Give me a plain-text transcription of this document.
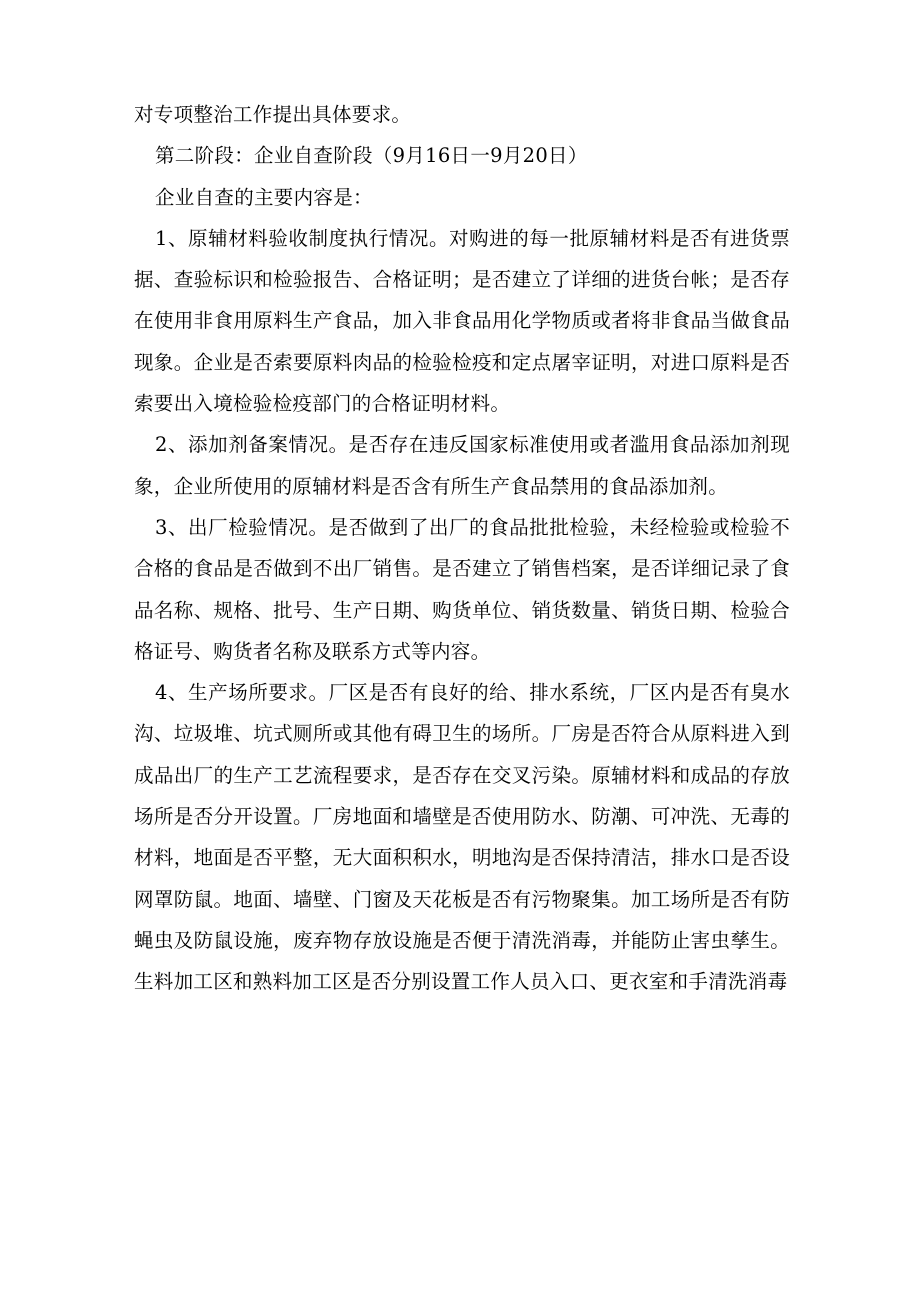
对专项整治工作提出具体要求。

第二阶段：企业自查阶段（9月16日一9月20日）

企业自查的主要内容是：

1、原辅材料验收制度执行情况。对购进的每一批原辅材料是否有进货票据、查验标识和检验报告、合格证明；是否建立了详细的进货台帐；是否存在使用非食用原料生产食品，加入非食品用化学物质或者将非食品当做食品现象。企业是否索要原料肉品的检验检疫和定点屠宰证明，对进口原料是否索要出入境检验检疫部门的合格证明材料。

2、添加剂备案情况。是否存在违反国家标准使用或者滥用食品添加剂现象，企业所使用的原辅材料是否含有所生产食品禁用的食品添加剂。

3、出厂检验情况。是否做到了出厂的食品批批检验，未经检验或检验不合格的食品是否做到不出厂销售。是否建立了销售档案，是否详细记录了食品名称、规格、批号、生产日期、购货单位、销货数量、销货日期、检验合格证号、购货者名称及联系方式等内容。

4、生产场所要求。厂区是否有良好的给、排水系统，厂区内是否有臭水沟、垃圾堆、坑式厕所或其他有碍卫生的场所。厂房是否符合从原料进入到成品出厂的生产工艺流程要求，是否存在交叉污染。原辅材料和成品的存放场所是否分开设置。厂房地面和墙壁是否使用防水、防潮、可冲洗、无毒的材料，地面是否平整，无大面积积水，明地沟是否保持清洁，排水口是否设网罩防鼠。地面、墙壁、门窗及天花板是否有污物聚集。加工场所是否有防蝇虫及防鼠设施，废弃物存放设施是否便于清洗消毒，并能防止害虫孳生。生料加工区和熟料加工区是否分别设置工作人员入口、更衣室和手清洗消毒
